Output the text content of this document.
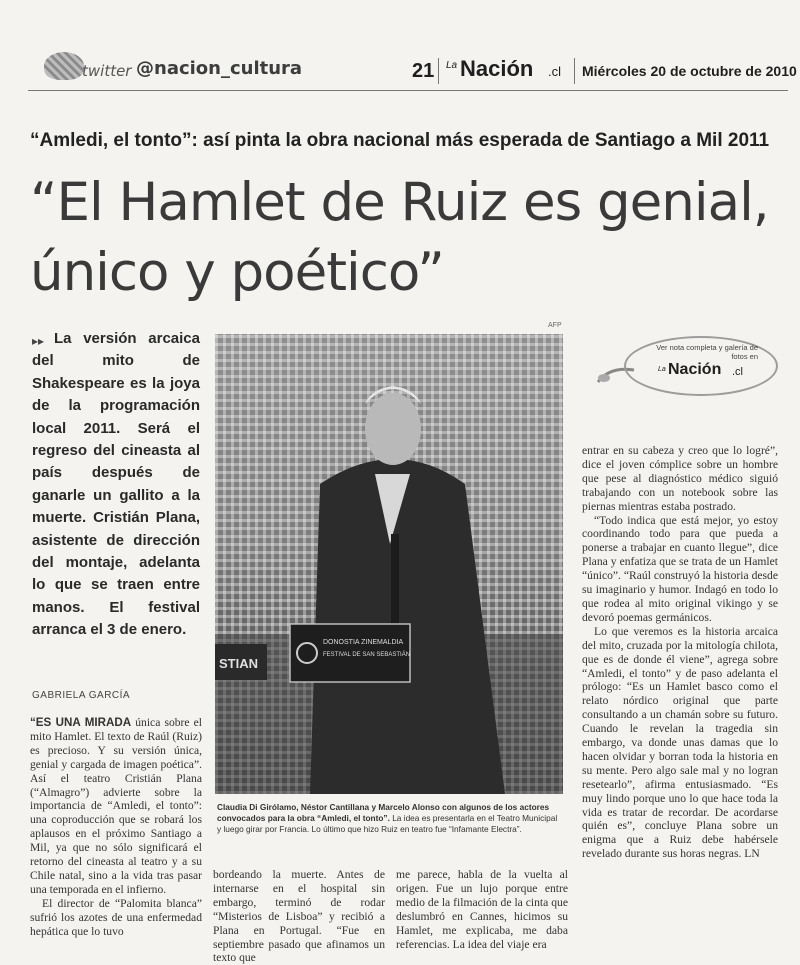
twitter @nacion_cultura	21 La Nación .cl Miércoles 20 de octubre de 2010
“Amledi, el tonto”: así pinta la obra nacional más esperada de Santiago a Mil 2011
“El Hamlet de Ruiz es genial, único y poético”
▸▸ La versión arcaica del mito de Shakespeare es la joya de la programación local 2011. Será el regreso del cineasta al país después de ganarle un gallito a la muerte. Cristián Plana, asistente de dirección del montaje, adelanta lo que se traen entre manos. El festival arranca el 3 de enero.
GABRIELA GARCÍA

“ES UNA MIRADA única sobre el mito Hamlet. El texto de Raúl (Ruiz) es precioso. Y su versión única, genial y cargada de imagen poética”. Así el teatro Cristián Plana (“Almagro”) advierte sobre la importancia de “Amledi, el tonto”: una coproducción que se robará los aplausos en el próximo Santiago a Mil, ya que no sólo significará el retorno del cineasta al teatro y a su Chile natal, sino a la vida tras pasar una temporada en el infierno.

El director de “Palomita blanca” sufrió los azotes de una enfermedad hepática que lo tuvo

AFP
DONOSTIA ZINEMALDIA
FESTIVAL DE SAN SEBASTIÁN
STIAN
Claudia Di Girólamo, Néstor Cantillana y Marcelo Alonso con algunos de los actores convocados para la obra “Amledi, el tonto”. La idea es presentarla en el Teatro Municipal y luego girar por Francia. Lo último que hizo Ruiz en teatro fue “Infamante Electra”.
Ver nota completa y galería de fotos en
La Nación .cl

bordeando la muerte. Antes de internarse en el hospital sin embargo, terminó de rodar “Misterios de Lisboa” y recibió a Plana en Portugal. “Fue en septiembre pasado que afinamos un texto que

me parece, habla de la vuelta al origen. Fue un lujo porque entre medio de la filmación de la cinta que deslumbró en Cannes, hicimos su Hamlet, me explicaba, me daba referencias. La idea del viaje era

entrar en su cabeza y creo que lo logré”, dice el joven cómplice sobre un hombre que pese al diagnóstico médico siguió trabajando con un notebook sobre las piernas mientras estaba postrado.

“Todo indica que está mejor, yo estoy coordinando todo para que pueda a ponerse a trabajar en cuanto llegue”, dice Plana y enfatiza que se trata de un Hamlet “único”. “Raúl construyó la historia desde su imaginario y humor. Indagó en todo lo que rodea al mito original vikingo y se devoró poemas germánicos.

Lo que veremos es la historia arcaica del mito, cruzada por la mitología chilota, que es de donde él viene”, agrega sobre “Amledi, el tonto” y de paso adelanta el prólogo: “Es un Hamlet basco como el relato nórdico original que parte consultando a un chamán sobre su futuro. Cuando le revelan la tragedia sin embargo, va donde unas damas que lo hacen olvidar y borran toda la historia en su mente. Pero algo sale mal y no logran resetearlo”, afirma entusiasmado. “Es muy lindo porque uno lo que hace toda la vida es tratar de recordar. De acordarse quién es”, concluye Plana sobre un enigma que a Ruiz debe habérsele revelado durante sus horas negras. LN
